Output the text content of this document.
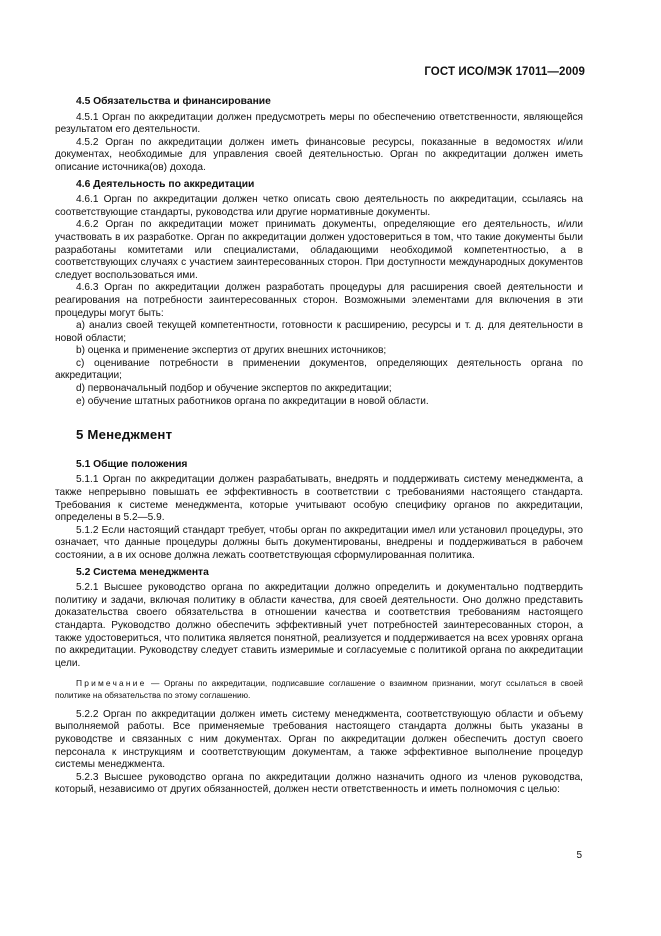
ГОСТ ИСО/МЭК 17011—2009
4.5 Обязательства и финансирование

4.5.1 Орган по аккредитации должен предусмотреть меры по обеспечению ответственности, являющейся результатом его деятельности.

4.5.2 Орган по аккредитации должен иметь финансовые ресурсы, показанные в ведомостях и/или документах, необходимые для управления своей деятельностью. Орган по аккредитации должен иметь описание источника(ов) дохода.

4.6 Деятельность по аккредитации

4.6.1 Орган по аккредитации должен четко описать свою деятельность по аккредитации, ссылаясь на соответствующие стандарты, руководства или другие нормативные документы.

4.6.2 Орган по аккредитации может принимать документы, определяющие его деятельность, и/или участвовать в их разработке. Орган по аккредитации должен удостовериться в том, что такие документы были разработаны комитетами или специалистами, обладающими необходимой компетентностью, а в соответствующих случаях с участием заинтересованных сторон. При доступности международных документов следует воспользоваться ими.

4.6.3 Орган по аккредитации должен разработать процедуры для расширения своей деятельности и реагирования на потребности заинтересованных сторон. Возможными элементами для включения в эти процедуры могут быть:

a) анализ своей текущей компетентности, готовности к расширению, ресурсы и т. д. для деятельности в новой области;

b) оценка и применение экспертиз от других внешних источников;

c) оценивание потребности в применении документов, определяющих деятельность органа по аккредитации;

d) первоначальный подбор и обучение экспертов по аккредитации;

e) обучение штатных работников органа по аккредитации в новой области.

5 Менеджмент
5.1 Общие положения

5.1.1 Орган по аккредитации должен разрабатывать, внедрять и поддерживать систему менеджмента, а также непрерывно повышать ее эффективность в соответствии с требованиями настоящего стандарта. Требования к системе менеджмента, которые учитывают особую специфику органов по аккредитации, определены в 5.2—5.9.

5.1.2 Если настоящий стандарт требует, чтобы орган по аккредитации имел или установил процедуры, это означает, что данные процедуры должны быть документированы, внедрены и поддерживаться в рабочем состоянии, а в их основе должна лежать соответствующая сформулированная политика.

5.2 Система менеджмента

5.2.1 Высшее руководство органа по аккредитации должно определить и документально подтвердить политику и задачи, включая политику в области качества, для своей деятельности. Оно должно представить доказательства своего обязательства в отношении качества и соответствия требованиям настоящего стандарта. Руководство должно обеспечить эффективный учет потребностей заинтересованных сторон, а также удостовериться, что политика является понятной, реализуется и поддерживается на всех уровнях органа по аккредитации. Руководству следует ставить измеримые и согласуемые с политикой органа по аккредитации цели.

Примечание — Органы по аккредитации, подписавшие соглашение о взаимном признании, могут ссылаться в своей политике на обязательства по этому соглашению.

5.2.2 Орган по аккредитации должен иметь систему менеджмента, соответствующую области и объему выполняемой работы. Все применяемые требования настоящего стандарта должны быть указаны в руководстве и связанных с ним документах. Орган по аккредитации должен обеспечить доступ своего персонала к инструкциям и соответствующим документам, а также эффективное выполнение процедур системы менеджмента.

5.2.3 Высшее руководство органа по аккредитации должно назначить одного из членов руководства, который, независимо от других обязанностей, должен нести ответственность и иметь полномочия с целью:

5
